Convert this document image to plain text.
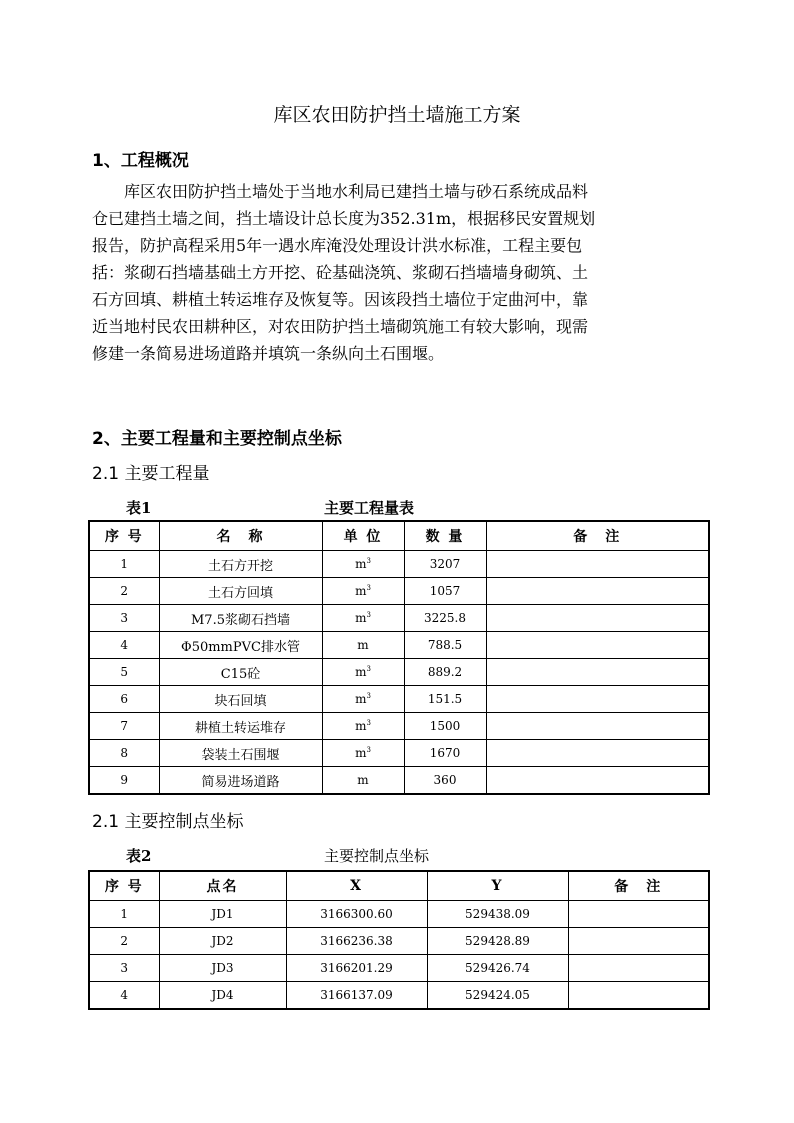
库区农田防护挡土墙施工方案
1、工程概况

　　库区农田防护挡土墙处于当地水利局已建挡土墙与砂石系统成品料
仓已建挡土墙之间，挡土墙设计总长度为352.31m，根据移民安置规划
报告，防护高程采用5年一遇水库淹没处理设计洪水标准，工程主要包
括：浆砌石挡墙基础土方开挖、砼基础浇筑、浆砌石挡墙墙身砌筑、土
石方回填、耕植土转运堆存及恢复等。因该段挡土墙位于定曲河中，靠
近当地村民农田耕种区，对农田防护挡土墙砌筑施工有较大影响，现需
修建一条简易进场道路并填筑一条纵向土石围堰。

2、主要工程量和主要控制点坐标
2.1 主要工程量
表1	主要工程量表
序 号	名　称	单 位	数 量	备　注
1	土石方开挖	$m^3$	3207	
2	土石方回填	$m^3$	1057	
3	M7.5浆砌石挡墙	$m^3$	3225.8	
4	Φ50mmPVC排水管	m	788.5	
5	C15砼	$m^3$	889.2	
6	块石回填	$m^3$	151.5	
7	耕植土转运堆存	$m^3$	1500	
8	袋装土石围堰	$m^3$	1670	
9	简易进场道路	m	360	
2.1 主要控制点坐标
表2	主要控制点坐标
序 号	点名	X	Y	备　注
1	JD1	3166300.60	529438.09	
2	JD2	3166236.38	529428.89	
3	JD3	3166201.29	529426.74	
4	JD4	3166137.09	529424.05	
